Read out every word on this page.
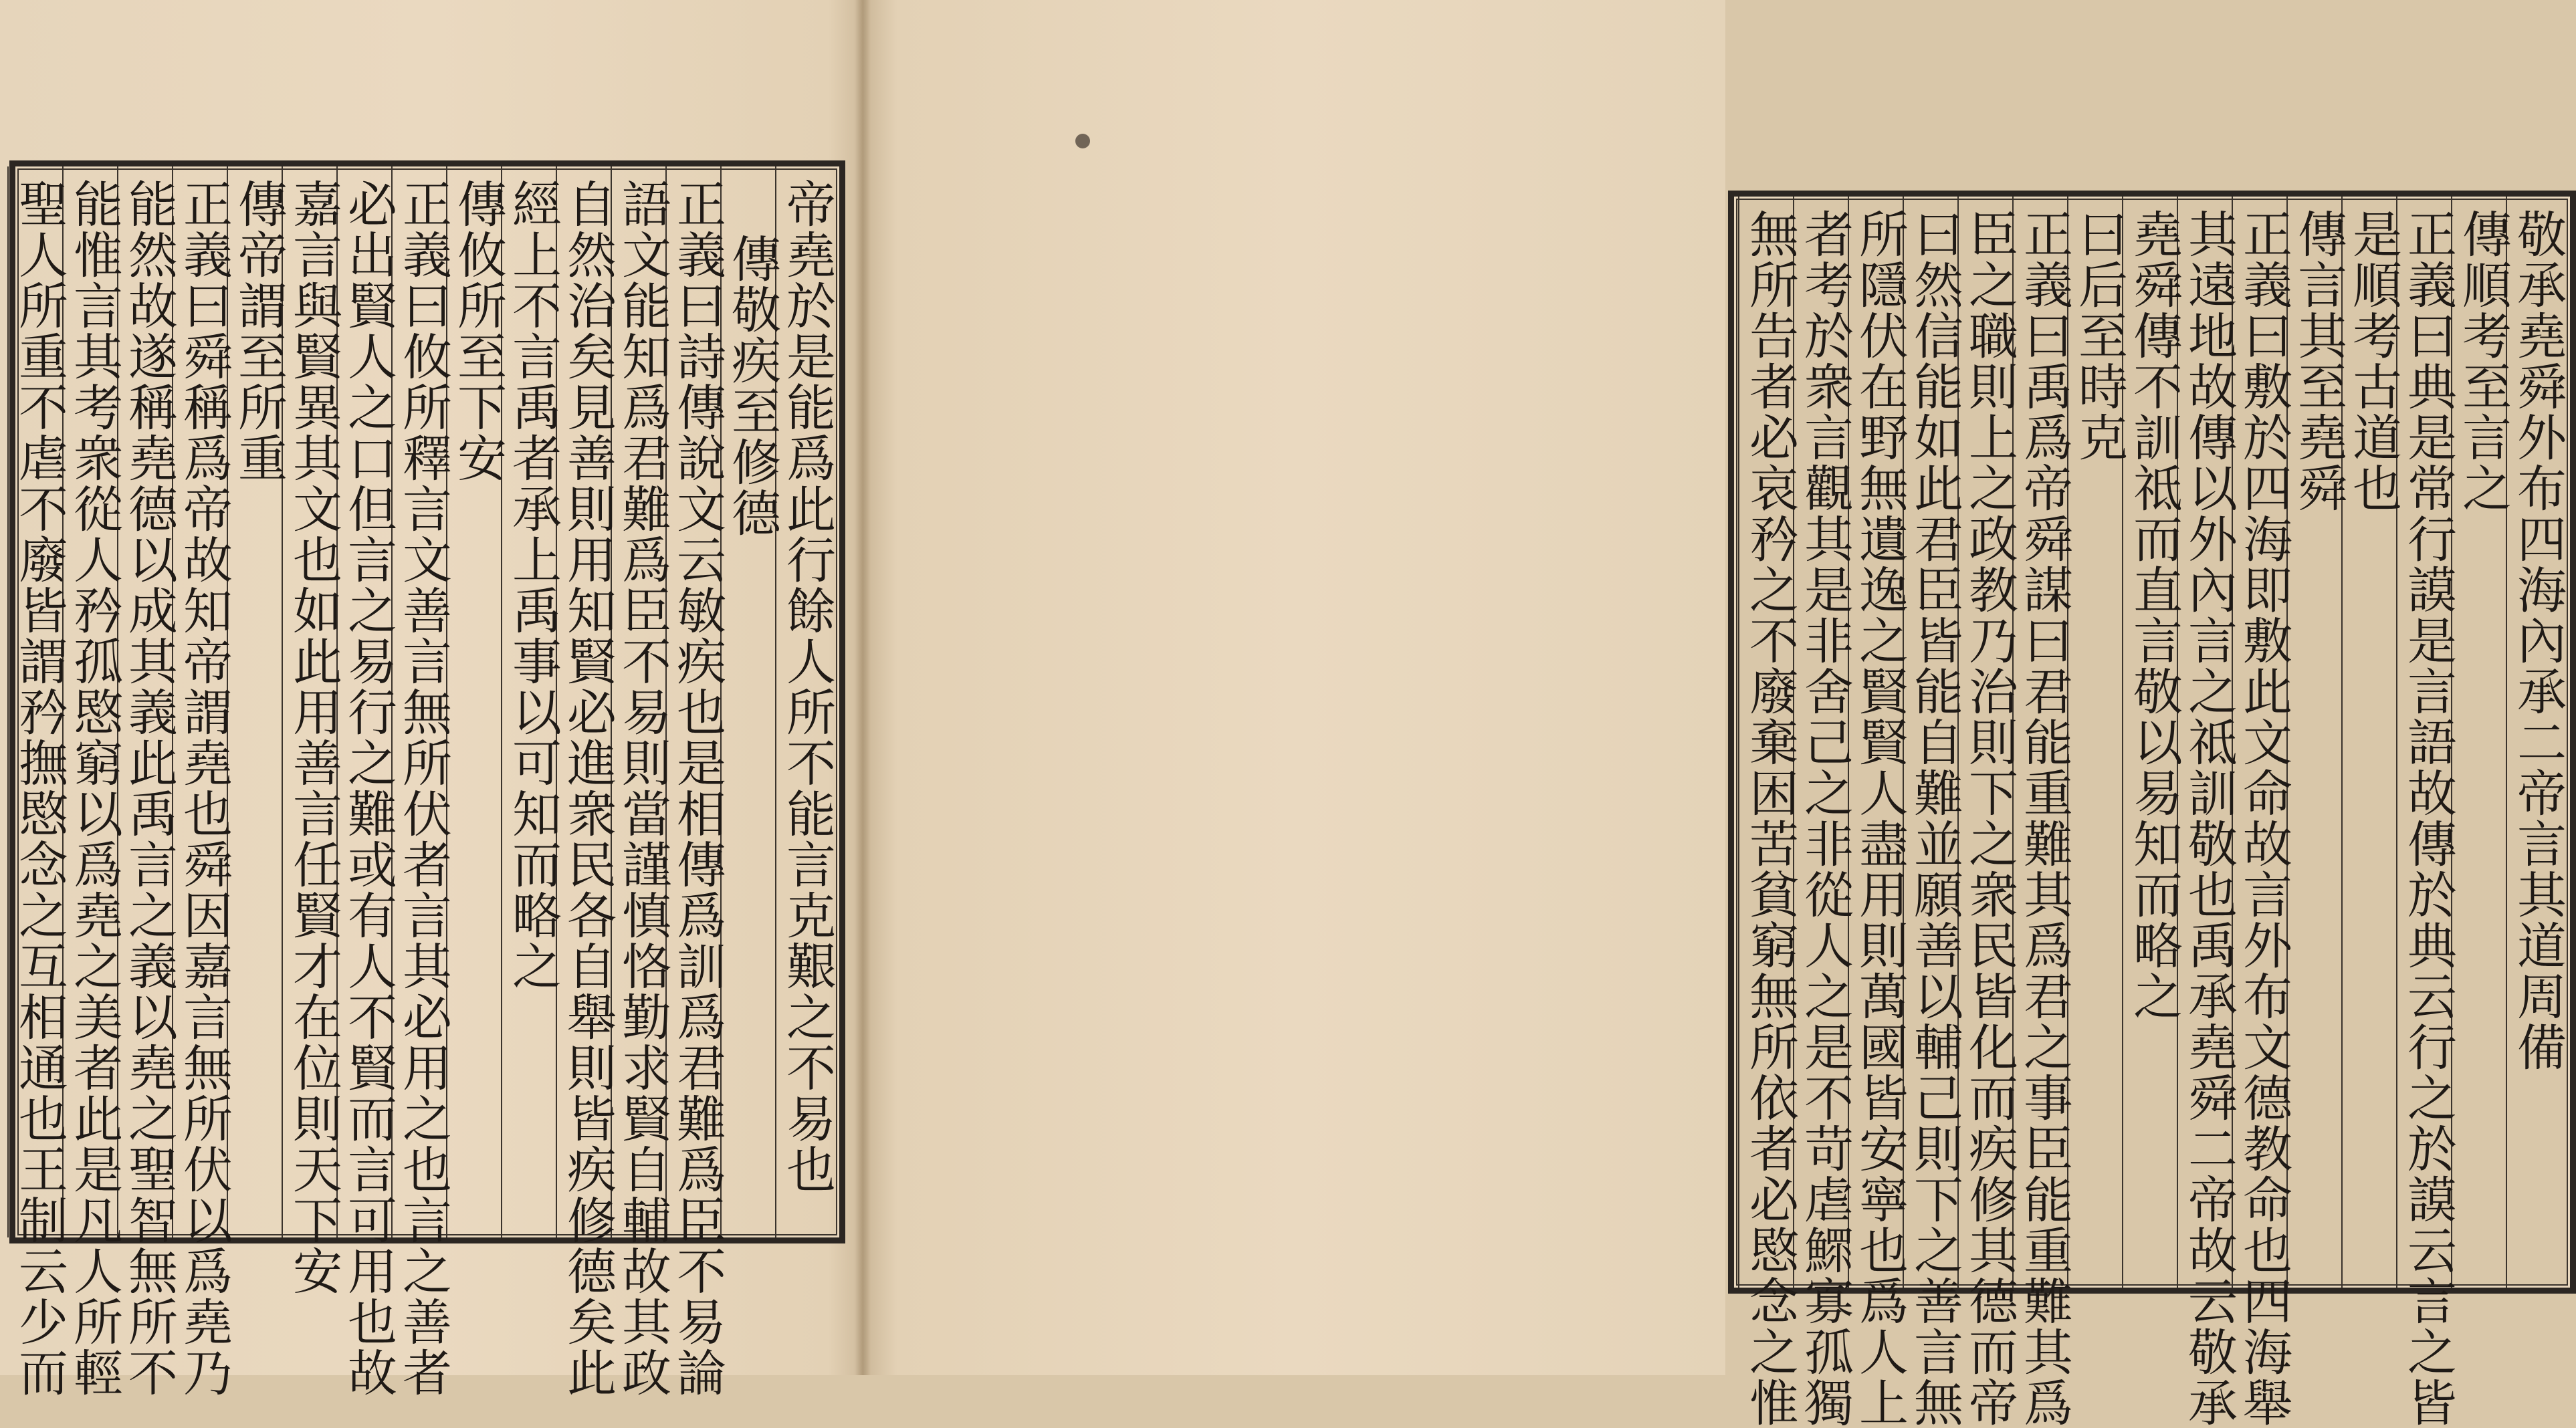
帝堯於是能爲此行餘人所不能言克艱之不易也
傳敬疾至修德
正義曰詩傳說文云敏疾也是相傳爲訓爲君難爲臣不易論
語文能知爲君難爲臣不易則當謹慎恪勤求賢自輔故其政
自然治矣見善則用知賢必進衆民各自舉則皆疾修德矣此
經上不言禹者承上禹事以可知而略之
傳攸所至下安
正義曰攸所釋言文善言無所伏者言其必用之也言之善者
必出賢人之口但言之易行之難或有人不賢而言可用也故
嘉言與賢異其文也如此用善言任賢才在位則天下安
傳帝謂至所重
正義曰舜稱爲帝故知帝謂堯也舜因嘉言無所伏以爲堯乃
能然故遂稱堯德以成其義此禹言之義以堯之聖智無所不
能惟言其考衆從人矜孤愍窮以爲堯之美者此是凡人所輕
聖人所重不虐不廢皆謂矜撫愍念之互相通也王制云少而	敬承堯舜外布四海內承二帝言其道周備
傳順考至言之
正義曰典是常行謨是言語故傳於典云行之於謨云言之皆
是順考古道也
傳言其至堯舜
正義曰敷於四海即敷此文命故言外布文德教命也四海舉
其遠地故傳以外內言之祗訓敬也禹承堯舜二帝故云敬承
堯舜傳不訓祗而直言敬以易知而略之
曰后至時克
正義曰禹爲帝舜謀曰君能重難其爲君之事臣能重難其爲
臣之職則上之政教乃治則下之衆民皆化而疾修其德而帝
曰然信能如此君臣皆能自難並願善以輔己則下之善言無
所隱伏在野無遺逸之賢賢人盡用則萬國皆安寧也爲人上
者考於衆言觀其是非舍己之非從人之是不苛虐鰥寡孤獨
無所告者必哀矜之不廢棄困苦貧窮無所依者必愍念之惟
